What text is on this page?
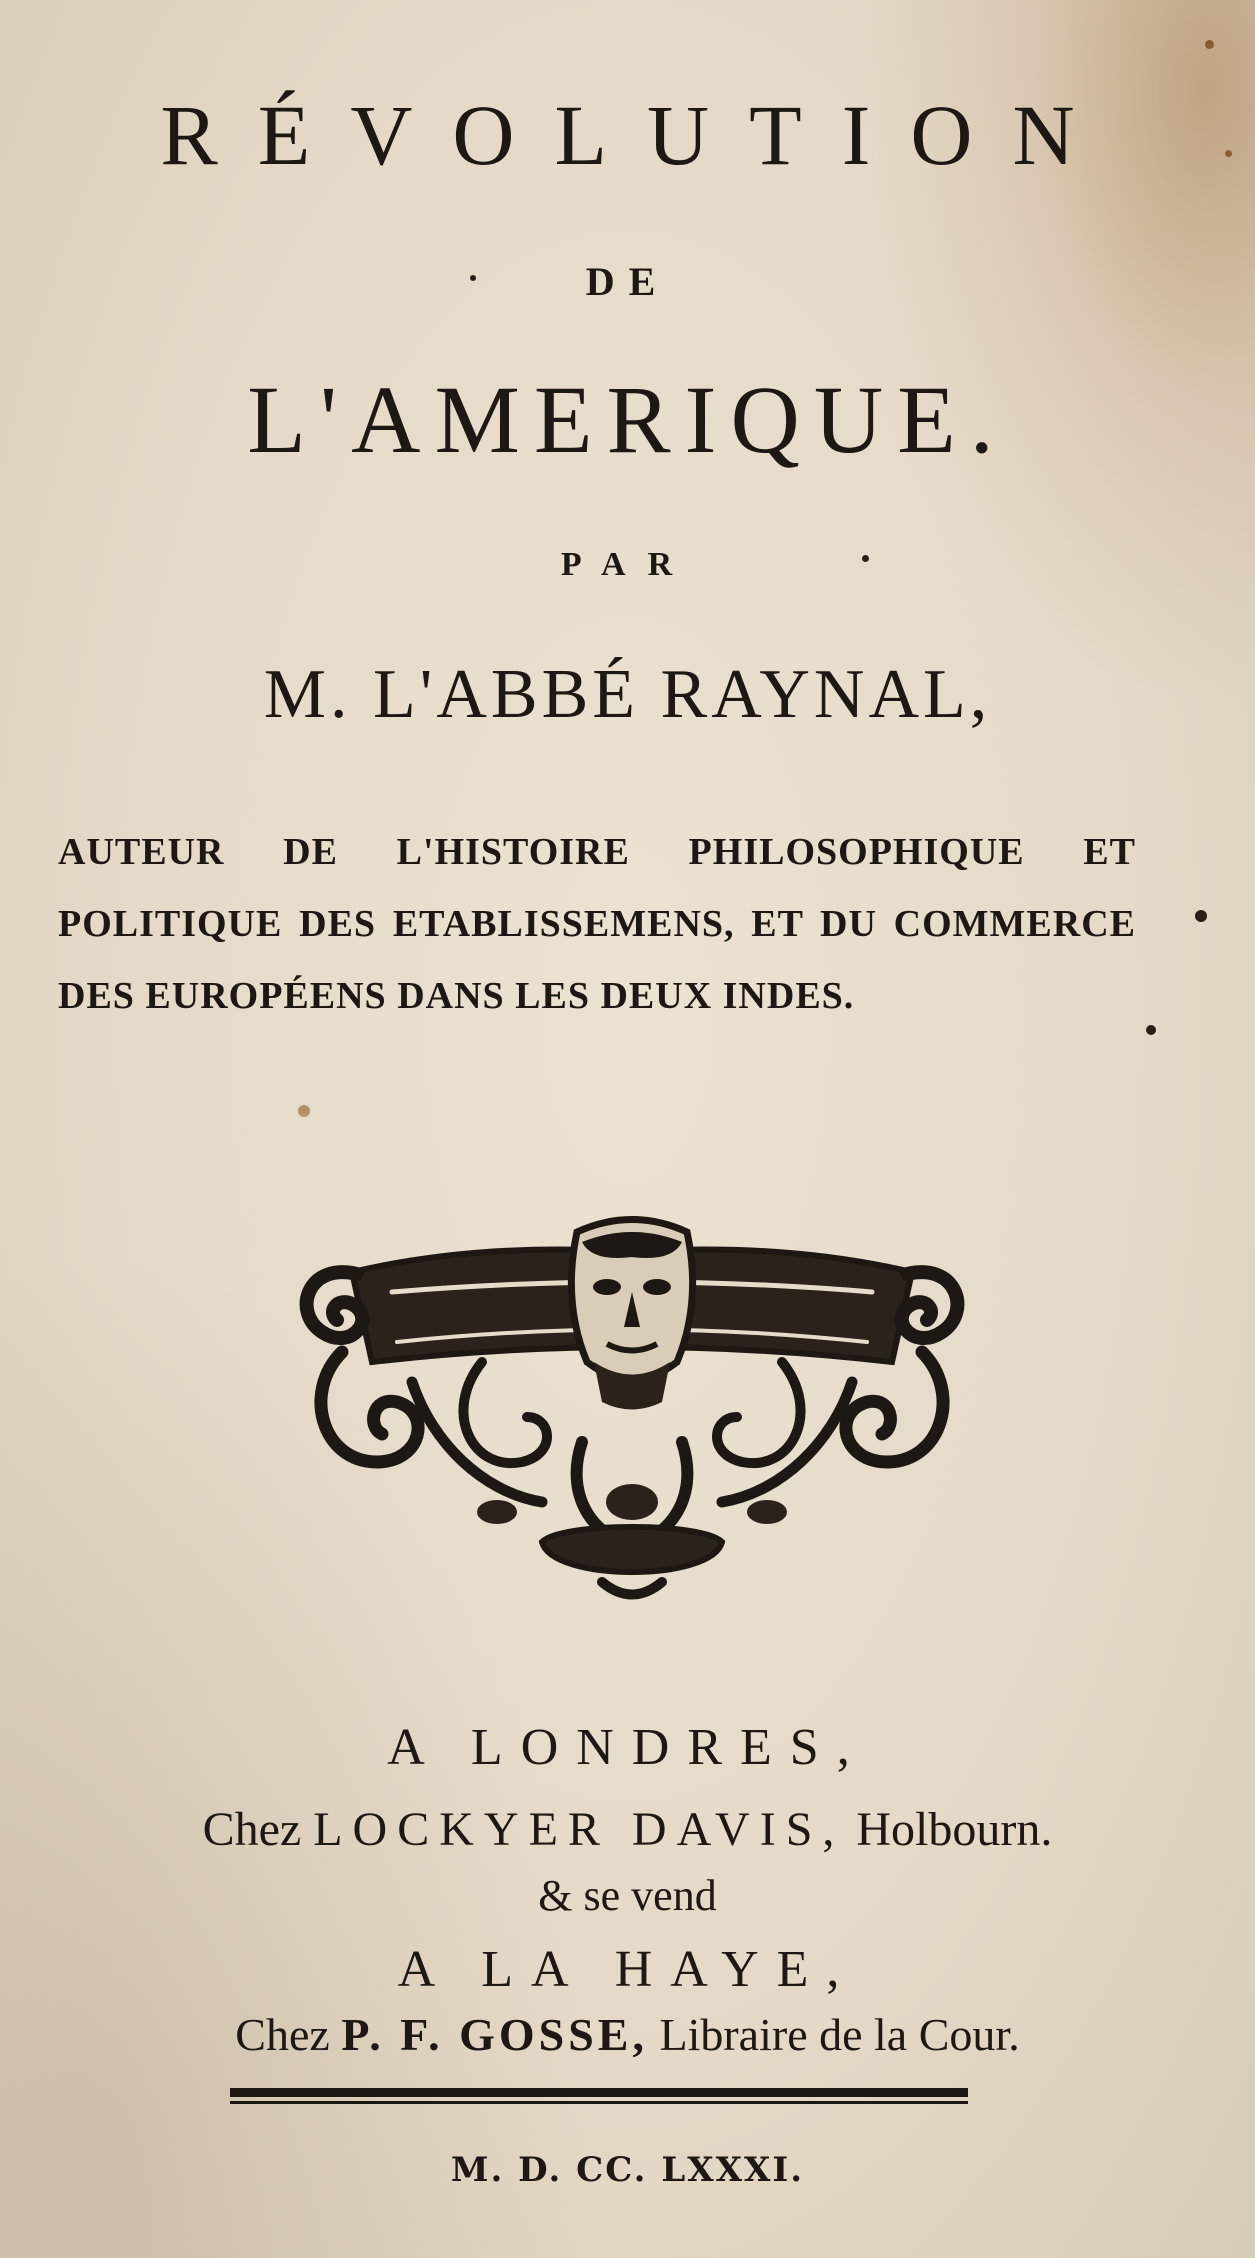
RÉVOLUTION
DE
L'AMERIQUE.
PAR
M. L'ABBÉ RAYNAL,
AUTEUR DE L'HISTOIRE PHILOSOPHIQUE ET POLITIQUE DES ETABLISSEMENS, ET DU COMMERCE DES EUROPÉENS DANS LES DEUX INDES.
A LONDRES,
Chez LOCKYER DAVIS, Holbourn.
& se vend
A LA HAYE,
Chez P. F. GOSSE, Libraire de la Cour.
M. D. CC. LXXXI.
